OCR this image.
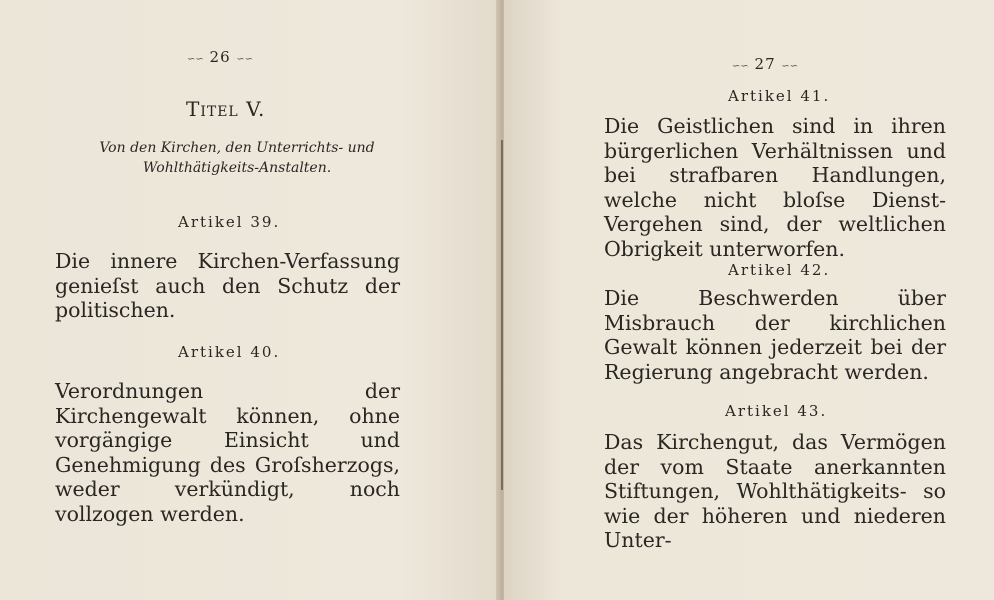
∽∽ 26 ∽∽
Titel V.
Von den Kirchen, den Unterrichts- und
Wohlthätigkeits-Anstalten.
Artikel 39.
Die innere Kirchen-Verfassung genieſst auch den Schutz der politischen.
Artikel 40.
Verordnungen der Kirchengewalt können, ohne vorgängige Einsicht und Genehmigung des Groſsherzogs, weder verkündigt, noch vollzogen werden.
∽∽ 27 ∽∽
Artikel 41.
Die Geistlichen sind in ihren bürgerlichen Verhältnissen und bei strafbaren Handlungen, welche nicht bloſse Dienst-Vergehen sind, der weltlichen Obrigkeit unterworfen.
Artikel 42.
Die Beschwerden über Misbrauch der kirchlichen Gewalt können jederzeit bei der Regierung angebracht werden.
Artikel 43.
Das Kirchengut, das Vermögen der vom Staate anerkannten Stiftungen, Wohlthätigkeits- so wie der höheren und niederen Unter-
